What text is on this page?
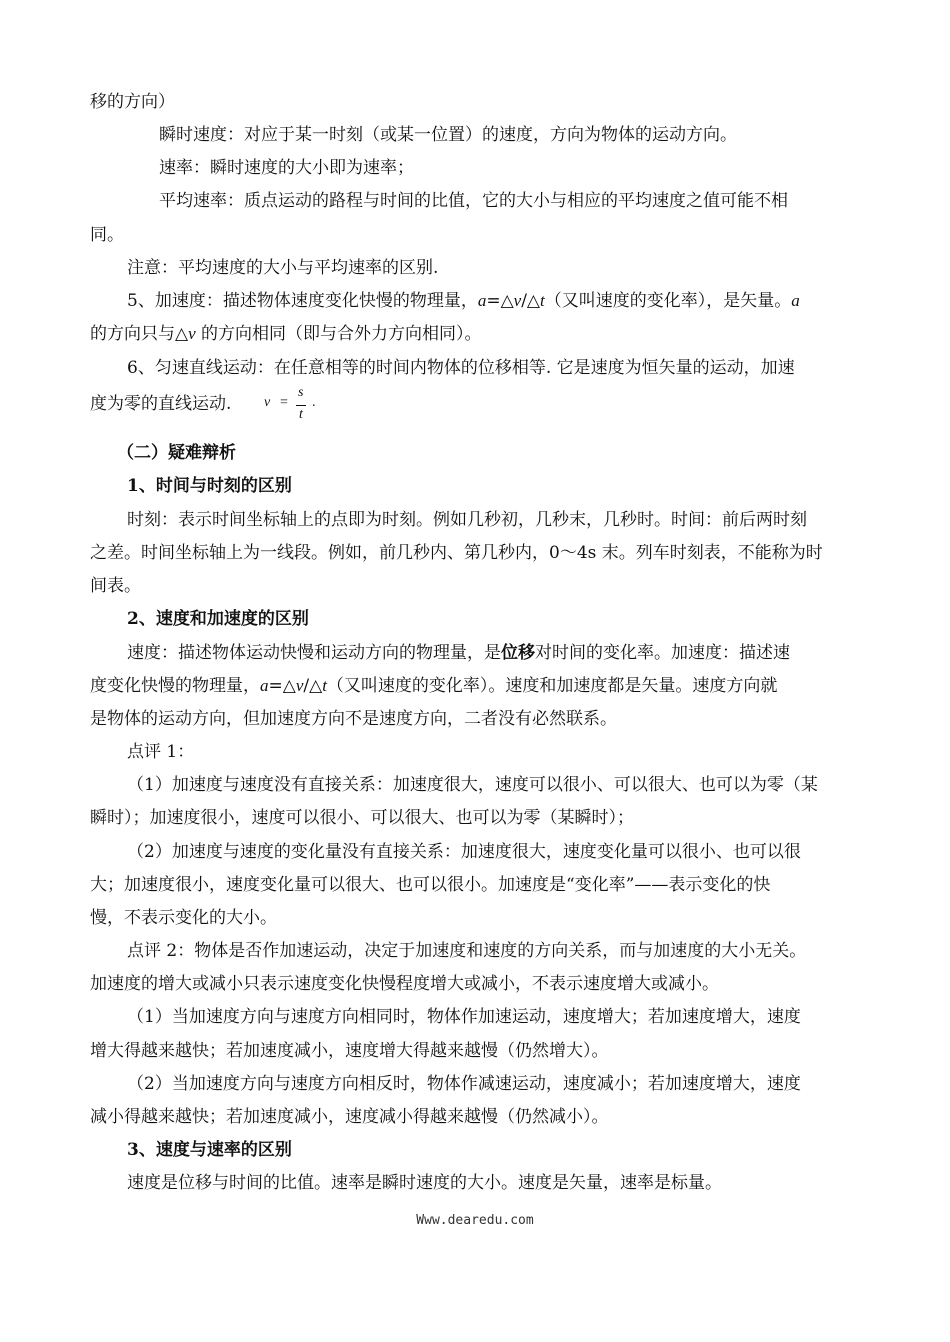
移的方向）
瞬时速度：对应于某一时刻（或某一位置）的速度，方向为物体的运动方向。
速率：瞬时速度的大小即为速率；
平均速率：质点运动的路程与时间的比值，它的大小与相应的平均速度之值可能不相
同。
注意：平均速度的大小与平均速率的区别.
5、加速度：描述物体速度变化快慢的物理量，a=△v/△t（又叫速度的变化率），是矢量。a
的方向只与△v 的方向相同（即与合外力方向相同）。
6、匀速直线运动：在任意相等的时间内物体的位移相等. 它是速度为恒矢量的运动，加速
度为零的直线运动. v =
s
t
.
（二）疑难辩析
1、时间与时刻的区别
时刻：表示时间坐标轴上的点即为时刻。例如几秒初，几秒末，几秒时。时间：前后两时刻
之差。时间坐标轴上为一线段。例如，前几秒内、第几秒内，0～4s 末。列车时刻表，不能称为时
间表。
2、速度和加速度的区别
速度：描述物体运动快慢和运动方向的物理量，是位移对时间的变化率。加速度：描述速
度变化快慢的物理量，a=△v/△t（又叫速度的变化率）。速度和加速度都是矢量。速度方向就
是物体的运动方向，但加速度方向不是速度方向，二者没有必然联系。
点评 1：
（1）加速度与速度没有直接关系：加速度很大，速度可以很小、可以很大、也可以为零（某
瞬时）；加速度很小，速度可以很小、可以很大、也可以为零（某瞬时）；
（2）加速度与速度的变化量没有直接关系：加速度很大，速度变化量可以很小、也可以很
大；加速度很小，速度变化量可以很大、也可以很小。加速度是“变化率”——表示变化的快
慢，不表示变化的大小。
点评 2：物体是否作加速运动，决定于加速度和速度的方向关系，而与加速度的大小无关。
加速度的增大或减小只表示速度变化快慢程度增大或减小，不表示速度增大或减小。
（1）当加速度方向与速度方向相同时，物体作加速运动，速度增大；若加速度增大，速度
增大得越来越快；若加速度减小，速度增大得越来越慢（仍然增大）。
（2）当加速度方向与速度方向相反时，物体作减速运动，速度减小；若加速度增大，速度
减小得越来越快；若加速度减小，速度减小得越来越慢（仍然减小）。
3、速度与速率的区别
速度是位移与时间的比值。速率是瞬时速度的大小。速度是矢量，速率是标量。
Www.dearedu.com
